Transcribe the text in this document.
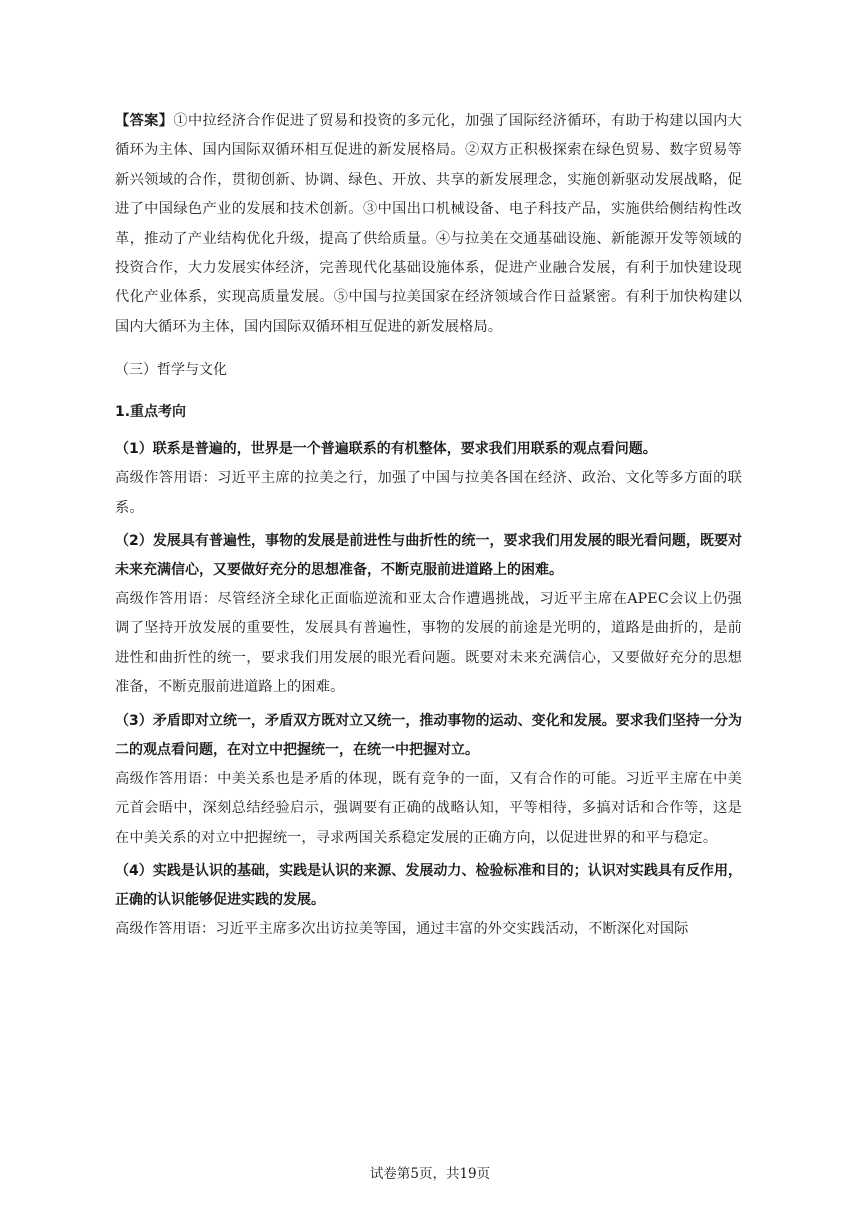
【答案】①中拉经济合作促进了贸易和投资的多元化，加强了国际经济循环，有助于构建以国内大循环为主体、国内国际双循环相互促进的新发展格局。②双方正积极探索在绿色贸易、数字贸易等新兴领域的合作，贯彻创新、协调、绿色、开放、共享的新发展理念，实施创新驱动发展战略，促进了中国绿色产业的发展和技术创新。③中国出口机械设备、电子科技产品，实施供给侧结构性改革，推动了产业结构优化升级，提高了供给质量。④与拉美在交通基础设施、新能源开发等领域的投资合作，大力发展实体经济，完善现代化基础设施体系，促进产业融合发展，有利于加快建设现代化产业体系，实现高质量发展。⑤中国与拉美国家在经济领域合作日益紧密。有利于加快构建以国内大循环为主体，国内国际双循环相互促进的新发展格局。

（三）哲学与文化

1.重点考向

（1）联系是普遍的，世界是一个普遍联系的有机整体，要求我们用联系的观点看问题。

高级作答用语：习近平主席的拉美之行，加强了中国与拉美各国在经济、政治、文化等多方面的联系。

（2）发展具有普遍性，事物的发展是前进性与曲折性的统一，要求我们用发展的眼光看问题，既要对未来充满信心，又要做好充分的思想准备，不断克服前进道路上的困难。

高级作答用语：尽管经济全球化正面临逆流和亚太合作遭遇挑战，习近平主席在APEC会议上仍强调了坚持开放发展的重要性，发展具有普遍性，事物的发展的前途是光明的，道路是曲折的，是前进性和曲折性的统一，要求我们用发展的眼光看问题。既要对未来充满信心，又要做好充分的思想准备，不断克服前进道路上的困难。

（3）矛盾即对立统一，矛盾双方既对立又统一，推动事物的运动、变化和发展。要求我们坚持一分为二的观点看问题，在对立中把握统一，在统一中把握对立。

高级作答用语：中美关系也是矛盾的体现，既有竞争的一面，又有合作的可能。习近平主席在中美元首会晤中，深刻总结经验启示，强调要有正确的战略认知，平等相待，多搞对话和合作等，这是在中美关系的对立中把握统一，寻求两国关系稳定发展的正确方向，以促进世界的和平与稳定。

（4）实践是认识的基础，实践是认识的来源、发展动力、检验标准和目的；认识对实践具有反作用，正确的认识能够促进实践的发展。

高级作答用语：习近平主席多次出访拉美等国，通过丰富的外交实践活动，不断深化对国际

试卷第5页，共19页
